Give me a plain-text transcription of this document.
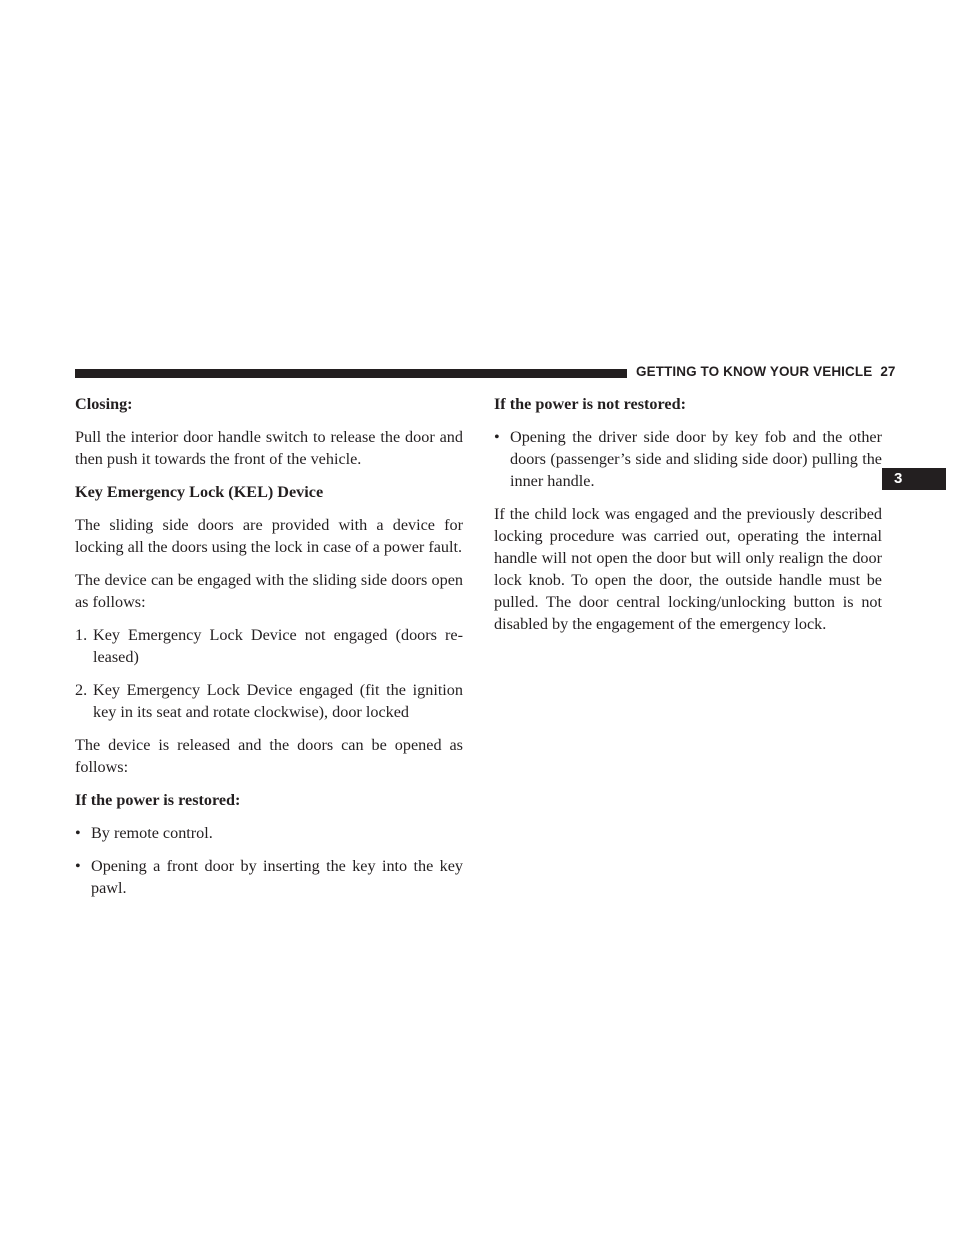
GETTING TO KNOW YOUR VEHICLE 27
3

Closing:

Pull the interior door handle switch to release the door and then push it towards the front of the vehicle.

Key Emergency Lock (KEL) Device

The sliding side doors are provided with a device for locking all the doors using the lock in case of a power fault.

The device can be engaged with the sliding side doors open as follows:

1. Key Emergency Lock Device not engaged (doors re- leased)
2. Key Emergency Lock Device engaged (fit the ignition key in its seat and rotate clockwise), door locked

The device is released and the doors can be opened as follows:

If the power is restored:

• By remote control.
• Opening a front door by inserting the key into the key pawl.

If the power is not restored:

• Opening the driver side door by key fob and the other doors (passenger’s side and sliding side door) pulling the inner handle.

If the child lock was engaged and the previously described locking procedure was carried out, operating the internal handle will not open the door but will only realign the door lock knob. To open the door, the outside handle must be pulled. The door central locking/unlocking button is not disabled by the engagement of the emergency lock.
